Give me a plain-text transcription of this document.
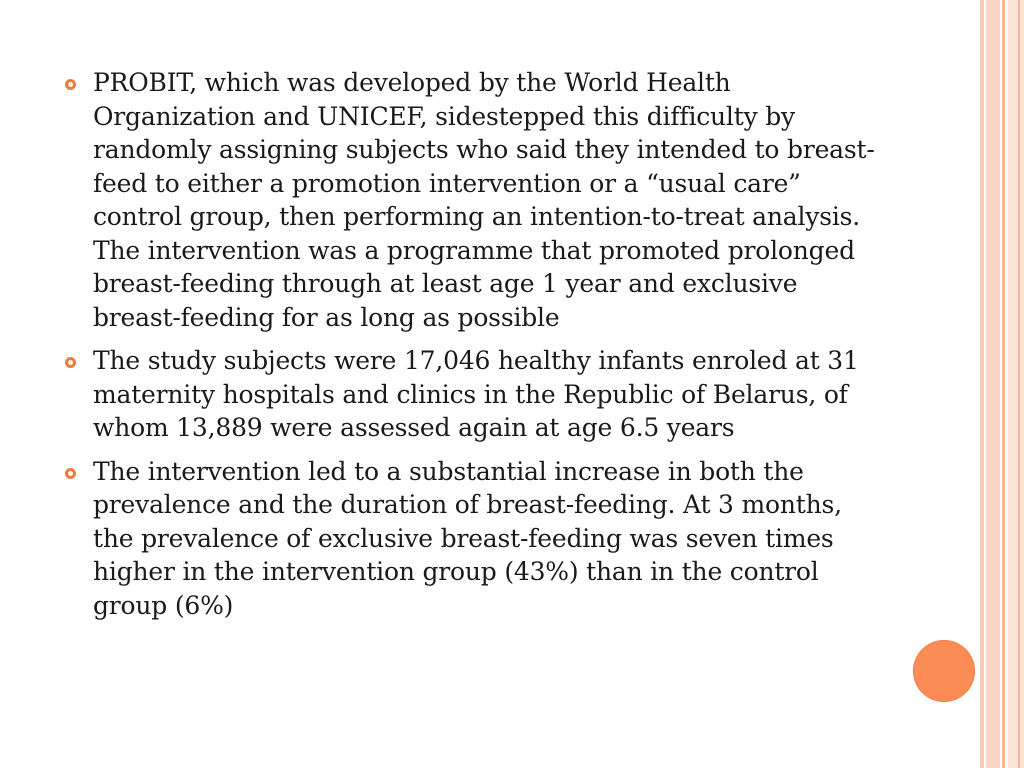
PROBIT, which was developed by the World Health Organization and UNICEF, sidestepped this difficulty by randomly assigning subjects who said they intended to breast-feed to either a promotion intervention or a “usual care” control group, then performing an intention-to-treat analysis. The intervention was a programme that promoted prolonged breast-feeding through at least age 1 year and exclusive breast-feeding for as long as possible
The study subjects were 17,046 healthy infants enroled at 31 maternity hospitals and clinics in the Republic of Belarus, of whom 13,889 were assessed again at age 6.5 years
The intervention led to a substantial increase in both the prevalence and the duration of breast-feeding. At 3 months, the prevalence of exclusive breast-feeding was seven times higher in the intervention group (43%) than in the control group (6%)
